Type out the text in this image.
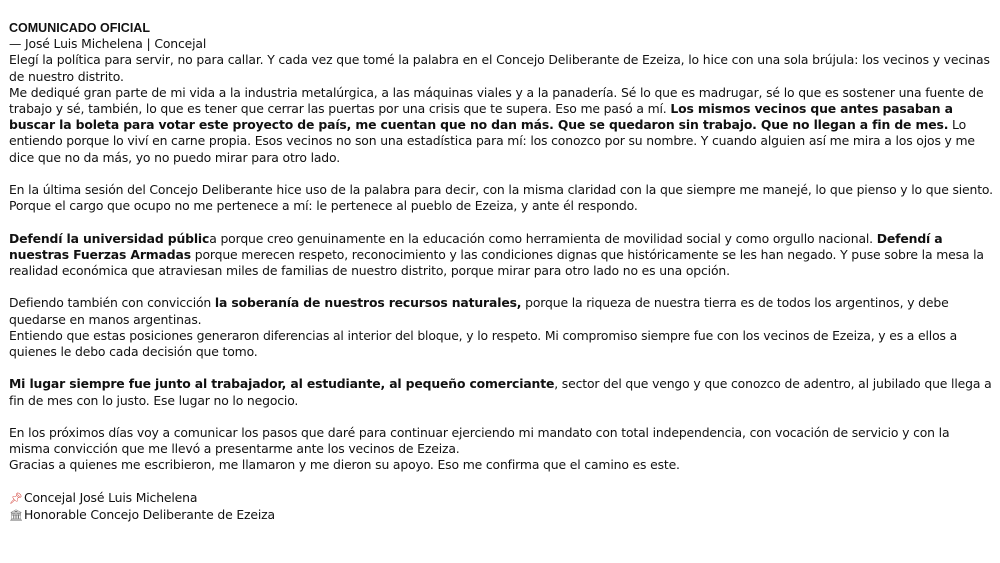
COMUNICADO OFICIAL
— José Luis Michelena | Concejal
Elegí la política para servir, no para callar. Y cada vez que tomé la palabra en el Concejo Deliberante de Ezeiza, lo hice con una sola brújula: los vecinos y vecinas de nuestro distrito.
Me dediqué gran parte de mi vida a la industria metalúrgica, a las máquinas viales y a la panadería. Sé lo que es madrugar, sé lo que es sostener una fuente de trabajo y sé, también, lo que es tener que cerrar las puertas por una crisis que te supera. Eso me pasó a mí. Los mismos vecinos que antes pasaban a buscar la boleta para votar este proyecto de país, me cuentan que no dan más. Que se quedaron sin trabajo. Que no llegan a fin de mes. Lo entiendo porque lo viví en carne propia. Esos vecinos no son una estadística para mí: los conozco por su nombre. Y cuando alguien así me mira a los ojos y me dice que no da más, yo no puedo mirar para otro lado.
En la última sesión del Concejo Deliberante hice uso de la palabra para decir, con la misma claridad con la que siempre me manejé, lo que pienso y lo que siento. Porque el cargo que ocupo no me pertenece a mí: le pertenece al pueblo de Ezeiza, y ante él respondo.
Defendí la universidad pública porque creo genuinamente en la educación como herramienta de movilidad social y como orgullo nacional. Defendí a nuestras Fuerzas Armadas porque merecen respeto, reconocimiento y las condiciones dignas que históricamente se les han negado. Y puse sobre la mesa la realidad económica que atraviesan miles de familias de nuestro distrito, porque mirar para otro lado no es una opción.
Defiendo también con convicción la soberanía de nuestros recursos naturales, porque la riqueza de nuestra tierra es de todos los argentinos, y debe quedarse en manos argentinas.
Entiendo que estas posiciones generaron diferencias al interior del bloque, y lo respeto. Mi compromiso siempre fue con los vecinos de Ezeiza, y es a ellos a quienes le debo cada decisión que tomo.
Mi lugar siempre fue junto al trabajador, al estudiante, al pequeño comerciante, sector del que vengo y que conozco de adentro, al jubilado que llega a fin de mes con lo justo. Ese lugar no lo negocio.
En los próximos días voy a comunicar los pasos que daré para continuar ejerciendo mi mandato con total independencia, con vocación de servicio y con la misma convicción que me llevó a presentarme ante los vecinos de Ezeiza.
Gracias a quienes me escribieron, me llamaron y me dieron su apoyo. Eso me confirma que el camino es este.
📌︎Concejal José Luis Michelena
🏛︎Honorable Concejo Deliberante de Ezeiza
